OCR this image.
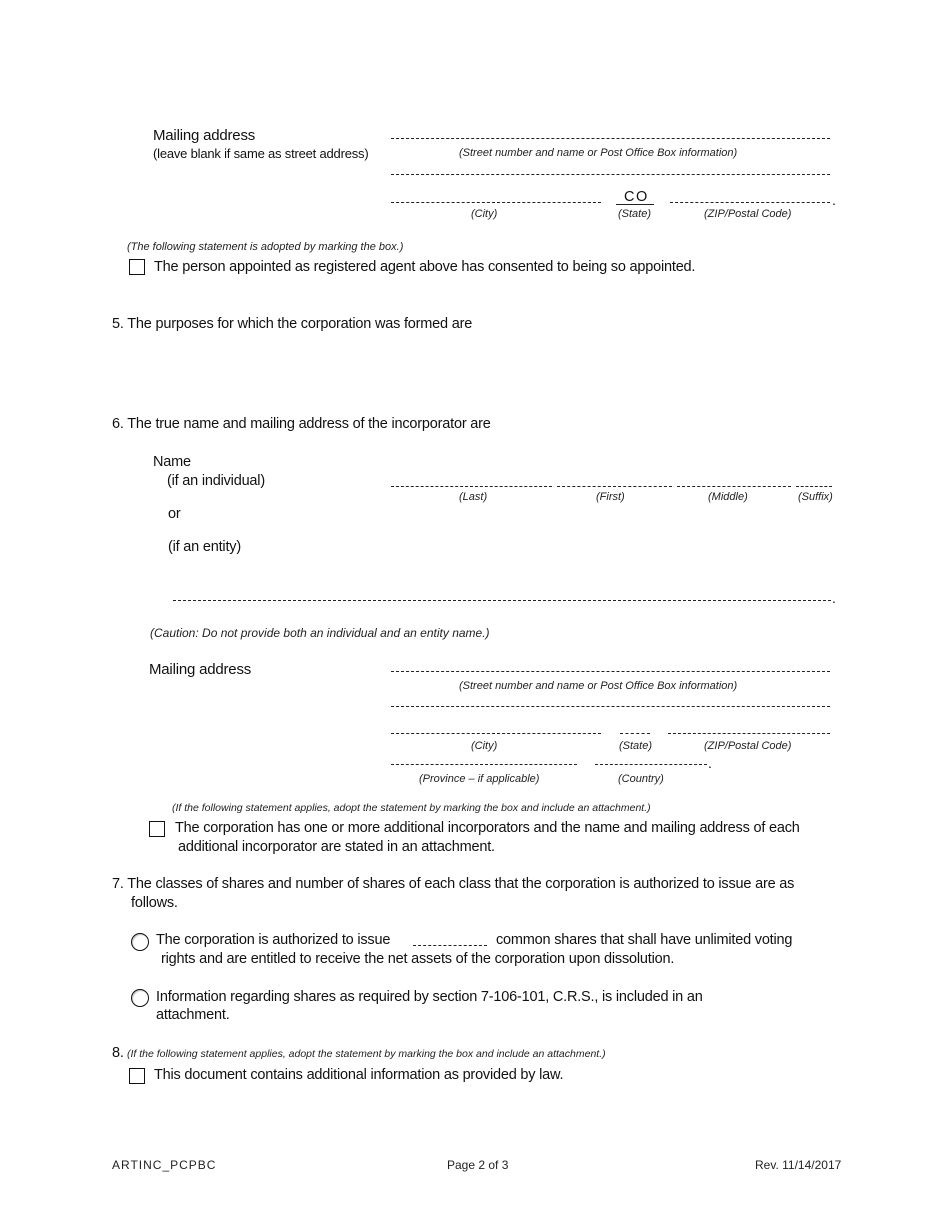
Mailing address
(leave blank if same as street address)	(Street number and name or Post Office Box information)
CO	.
(City)	(State)	(ZIP/Postal Code)
(The following statement is adopted by marking the box.)
The person appointed as registered agent above has consented to being so appointed.
5. The purposes for which the corporation was formed are
6. The true name and mailing address of the incorporator are
Name
(if an individual)
(Last)	(First)	(Middle)	(Suffix)
or
(if an entity)
.
(Caution: Do not provide both an individual and an entity name.)
Mailing address
(Street number and name or Post Office Box information)
(City)	(State)	(ZIP/Postal Code)
.
(Province – if applicable)	(Country)
(If the following statement applies, adopt the statement by marking the box and include an attachment.)
The corporation has one or more additional incorporators and the name and mailing address of each
additional incorporator are stated in an attachment.
7. The classes of shares and number of shares of each class that the corporation is authorized to issue are as
follows.
The corporation is authorized to issue	common shares that shall have unlimited voting
rights and are entitled to receive the net assets of the corporation upon dissolution.
Information regarding shares as required by section 7-106-101, C.R.S., is included in an
attachment.
8. (If the following statement applies, adopt the statement by marking the box and include an attachment.)
This document contains additional information as provided by law.
ARTINC_PCPBC	Page 2 of 3	Rev. 11/14/2017
